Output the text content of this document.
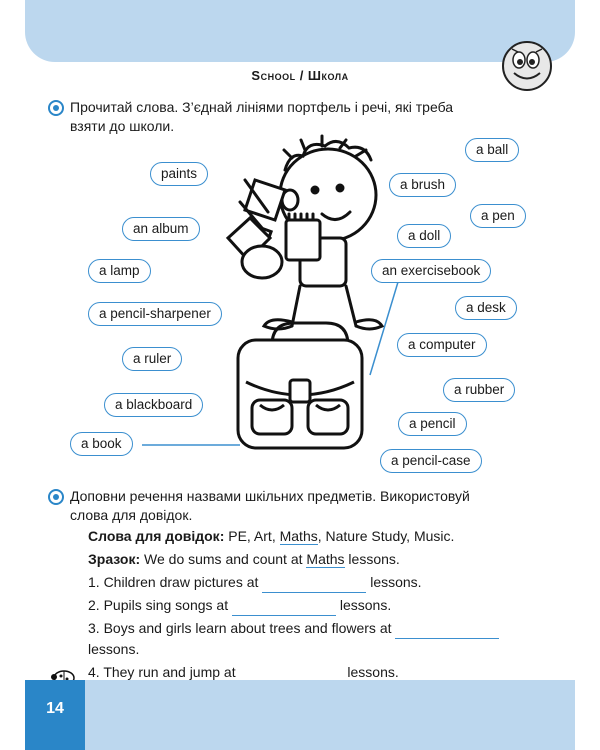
School / Школа
Прочитай слова. З’єднай лініями портфель і речі, які треба
взяти до школи.
a ball
paints
a brush
a pen
an album	a doll
a lamp	an exercisebook
a desk
a pencil-sharpener
a computer
a ruler
a rubber
a blackboard
a pencil
a book
a pencil-case
Доповни речення назвами шкільних предметів. Використовуй
слова для довідок.
Слова для довідок: PE, Art, Maths, Nature Study, Music.
Зразок: We do sums and count at Maths lessons.
1. Children draw pictures at	lessons.
2. Pupils sing songs at	lessons.
3. Boys and girls learn about trees and flowers at
lessons.
4. They run and jump at	lessons.
14
